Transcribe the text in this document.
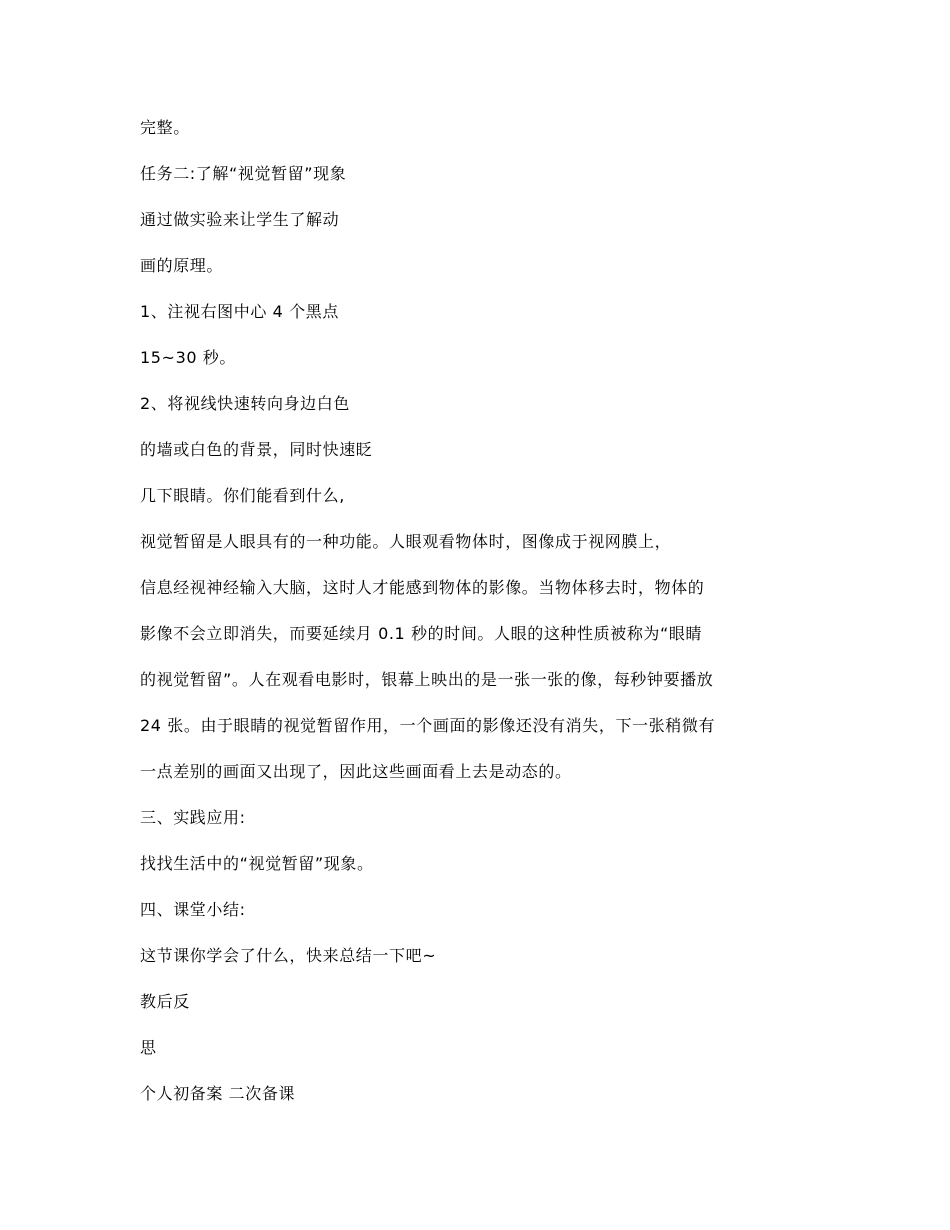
完整。
任务二:了解“视觉暂留”现象
通过做实验来让学生了解动
画的原理。
1、注视右图中心 4 个黑点
15~30 秒。
2、将视线快速转向身边白色
的墙或白色的背景，同时快速眨
几下眼睛。你们能看到什么,
视觉暂留是人眼具有的一种功能。人眼观看物体时，图像成于视网膜上，
信息经视神经输入大脑，这时人才能感到物体的影像。当物体移去时，物体的
影像不会立即消失，而要延续月 0.1 秒的时间。人眼的这种性质被称为“眼睛
的视觉暂留”。人在观看电影时，银幕上映出的是一张一张的像，每秒钟要播放
24 张。由于眼睛的视觉暂留作用，一个画面的影像还没有消失，下一张稍微有
一点差别的画面又出现了，因此这些画面看上去是动态的。
三、实践应用:
找找生活中的“视觉暂留”现象。
四、课堂小结:
这节课你学会了什么，快来总结一下吧~
教后反
思
个人初备案 二次备课
